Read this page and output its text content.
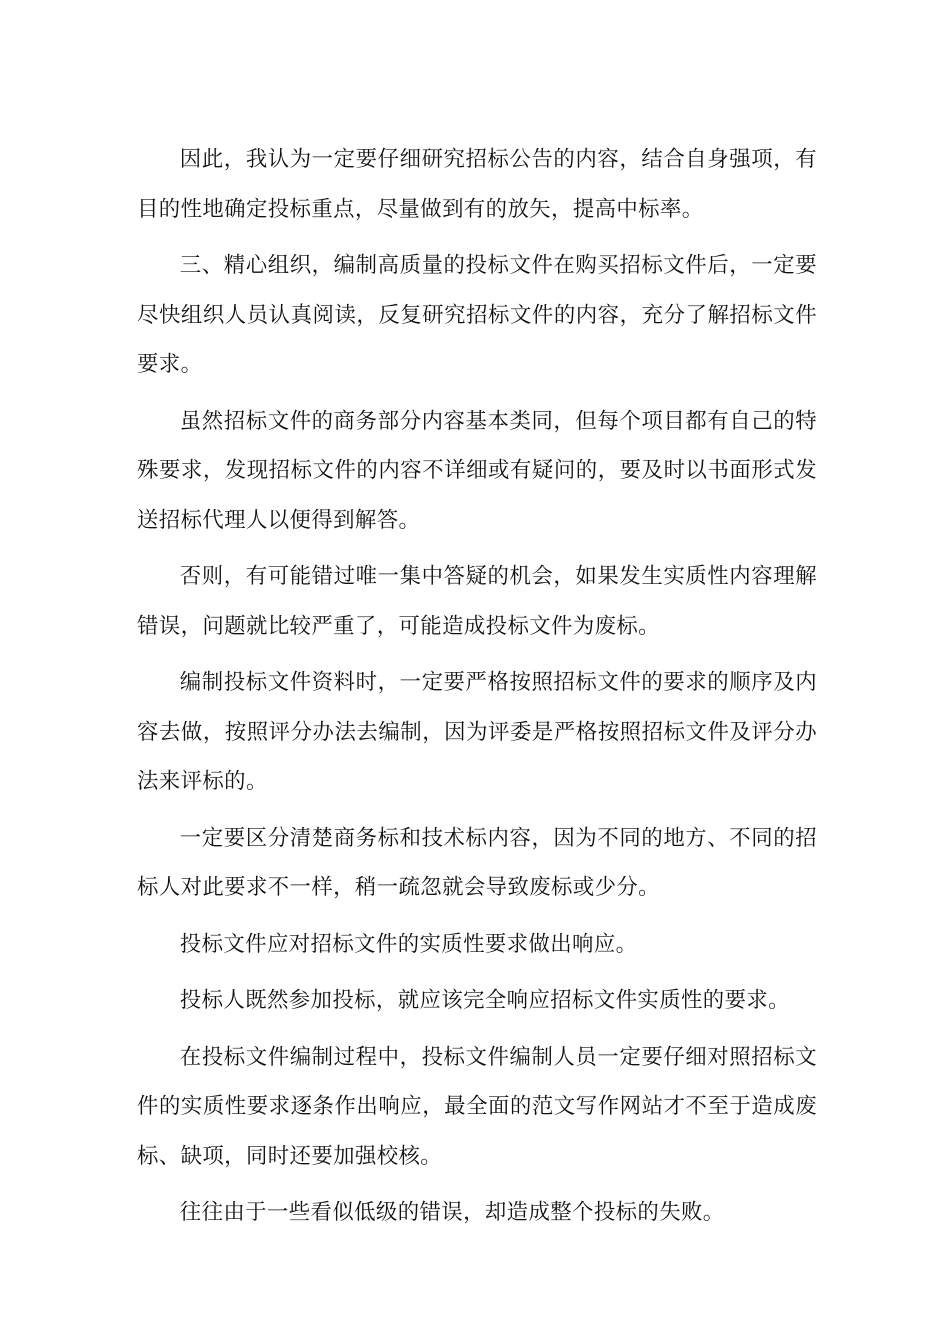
因此，我认为一定要仔细研究招标公告的内容，结合自身强项，有目的性地确定投标重点，尽量做到有的放矢，提高中标率。

三、精心组织，编制高质量的投标文件在购买招标文件后，一定要尽快组织人员认真阅读，反复研究招标文件的内容，充分了解招标文件要求。

虽然招标文件的商务部分内容基本类同，但每个项目都有自己的特殊要求，发现招标文件的内容不详细或有疑问的，要及时以书面形式发送招标代理人以便得到解答。

否则，有可能错过唯一集中答疑的机会，如果发生实质性内容理解错误，问题就比较严重了，可能造成投标文件为废标。

编制投标文件资料时，一定要严格按照招标文件的要求的顺序及内容去做，按照评分办法去编制，因为评委是严格按照招标文件及评分办法来评标的。

一定要区分清楚商务标和技术标内容，因为不同的地方、不同的招标人对此要求不一样，稍一疏忽就会导致废标或少分。

投标文件应对招标文件的实质性要求做出响应。

投标人既然参加投标，就应该完全响应招标文件实质性的要求。

在投标文件编制过程中，投标文件编制人员一定要仔细对照招标文件的实质性要求逐条作出响应，最全面的范文写作网站才不至于造成废标、缺项，同时还要加强校核。

往往由于一些看似低级的错误，却造成整个投标的失败。
